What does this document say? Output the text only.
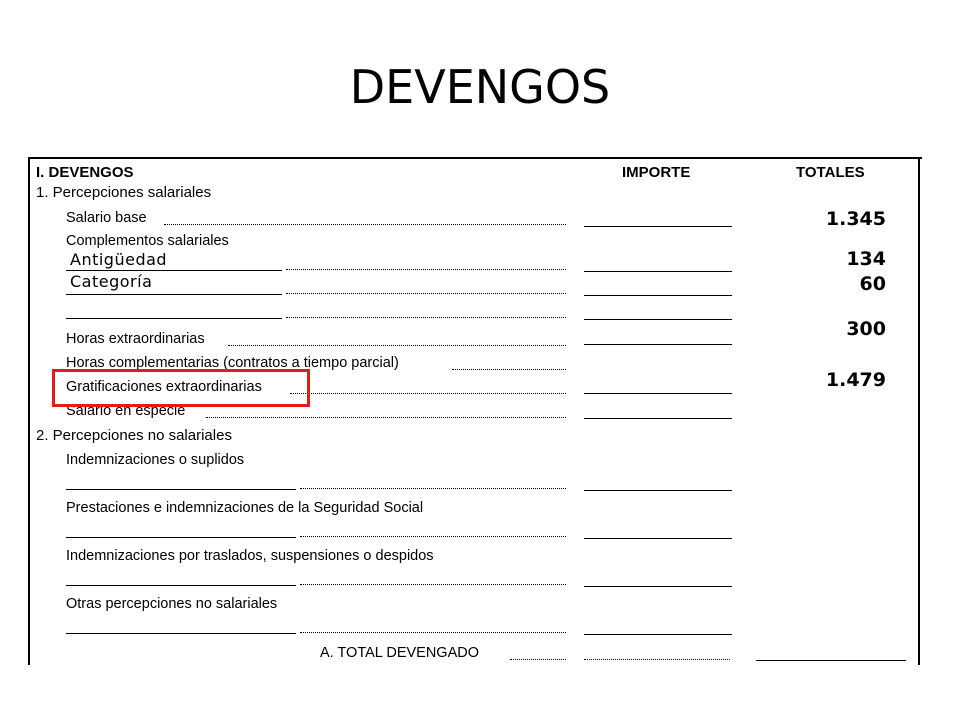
DEVENGOS
I. DEVENGOS	IMPORTE	TOTALES
1. Percepciones salariales
Salario base
Complementos salariales
Horas extraordinarias
Horas complementarias (contratos a tiempo parcial)
Gratificaciones extraordinarias
Salario en especie
2. Percepciones no salariales
Indemnizaciones o suplidos
Prestaciones e indemnizaciones de la Seguridad Social
Indemnizaciones por traslados, suspensiones o despidos
Otras percepciones no salariales
A. TOTAL DEVENGADO
Antigüedad
Categoría
1.345
134
60
300
1.479
